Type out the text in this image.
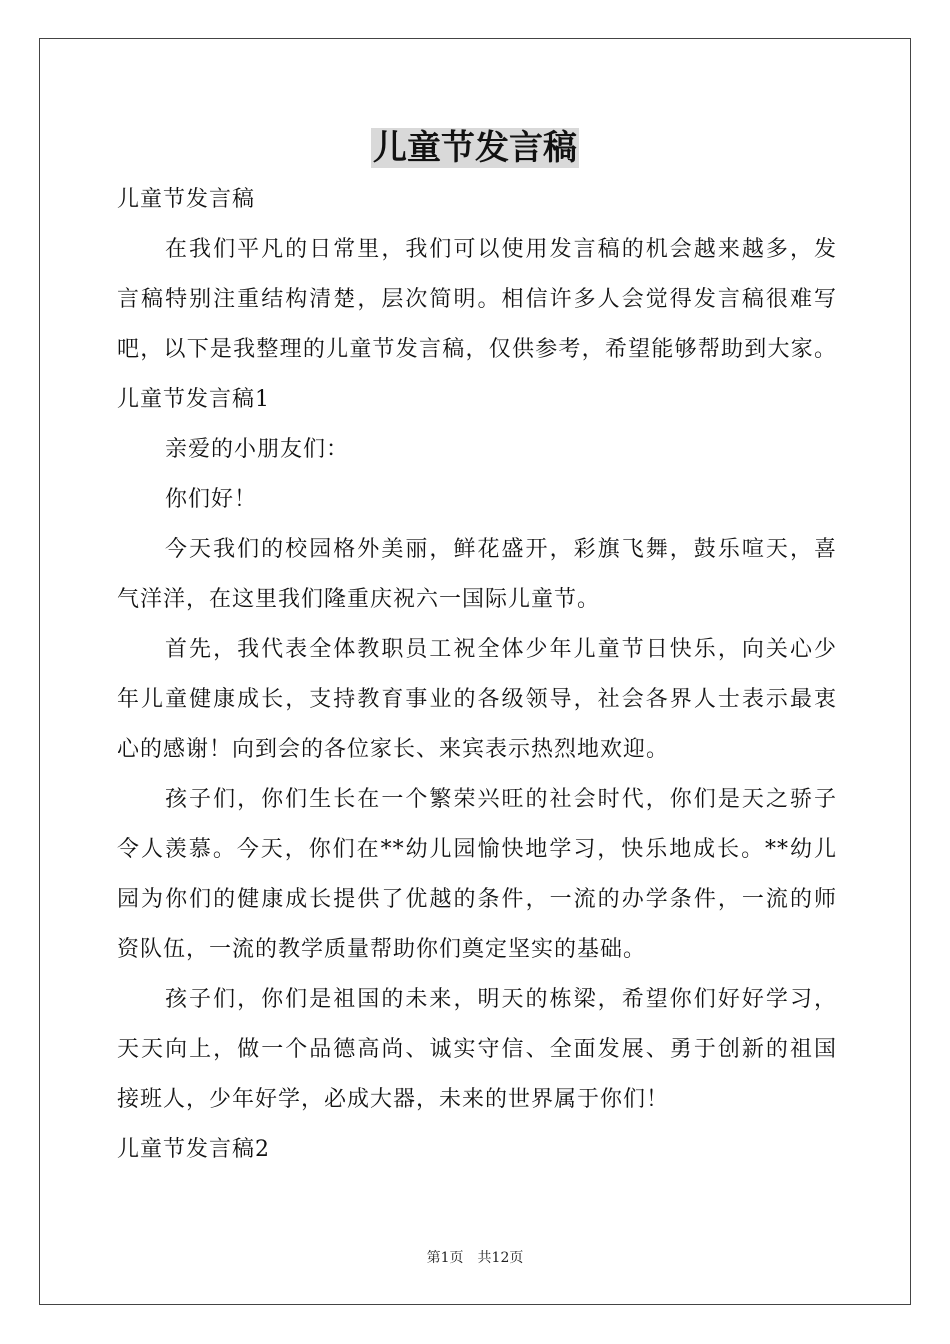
儿童节发言稿
儿童节发言稿
在我们平凡的日常里，我们可以使用发言稿的机会越来越多，发
言稿特别注重结构清楚，层次简明。相信许多人会觉得发言稿很难写
吧，以下是我整理的儿童节发言稿，仅供参考，希望能够帮助到大家。
儿童节发言稿1
亲爱的小朋友们：
你们好！
今天我们的校园格外美丽，鲜花盛开，彩旗飞舞，鼓乐喧天，喜
气洋洋，在这里我们隆重庆祝六一国际儿童节。
首先，我代表全体教职员工祝全体少年儿童节日快乐，向关心少
年儿童健康成长，支持教育事业的各级领导，社会各界人士表示最衷
心的感谢！向到会的各位家长、来宾表示热烈地欢迎。
孩子们，你们生长在一个繁荣兴旺的社会时代，你们是天之骄子
令人羡慕。今天，你们在**幼儿园愉快地学习，快乐地成长。**幼儿
园为你们的健康成长提供了优越的条件，一流的办学条件，一流的师
资队伍，一流的教学质量帮助你们奠定坚实的基础。
孩子们，你们是祖国的未来，明天的栋梁，希望你们好好学习，
天天向上，做一个品德高尚、诚实守信、全面发展、勇于创新的祖国
接班人，少年好学，必成大器，未来的世界属于你们！
儿童节发言稿2
第1页　共12页
